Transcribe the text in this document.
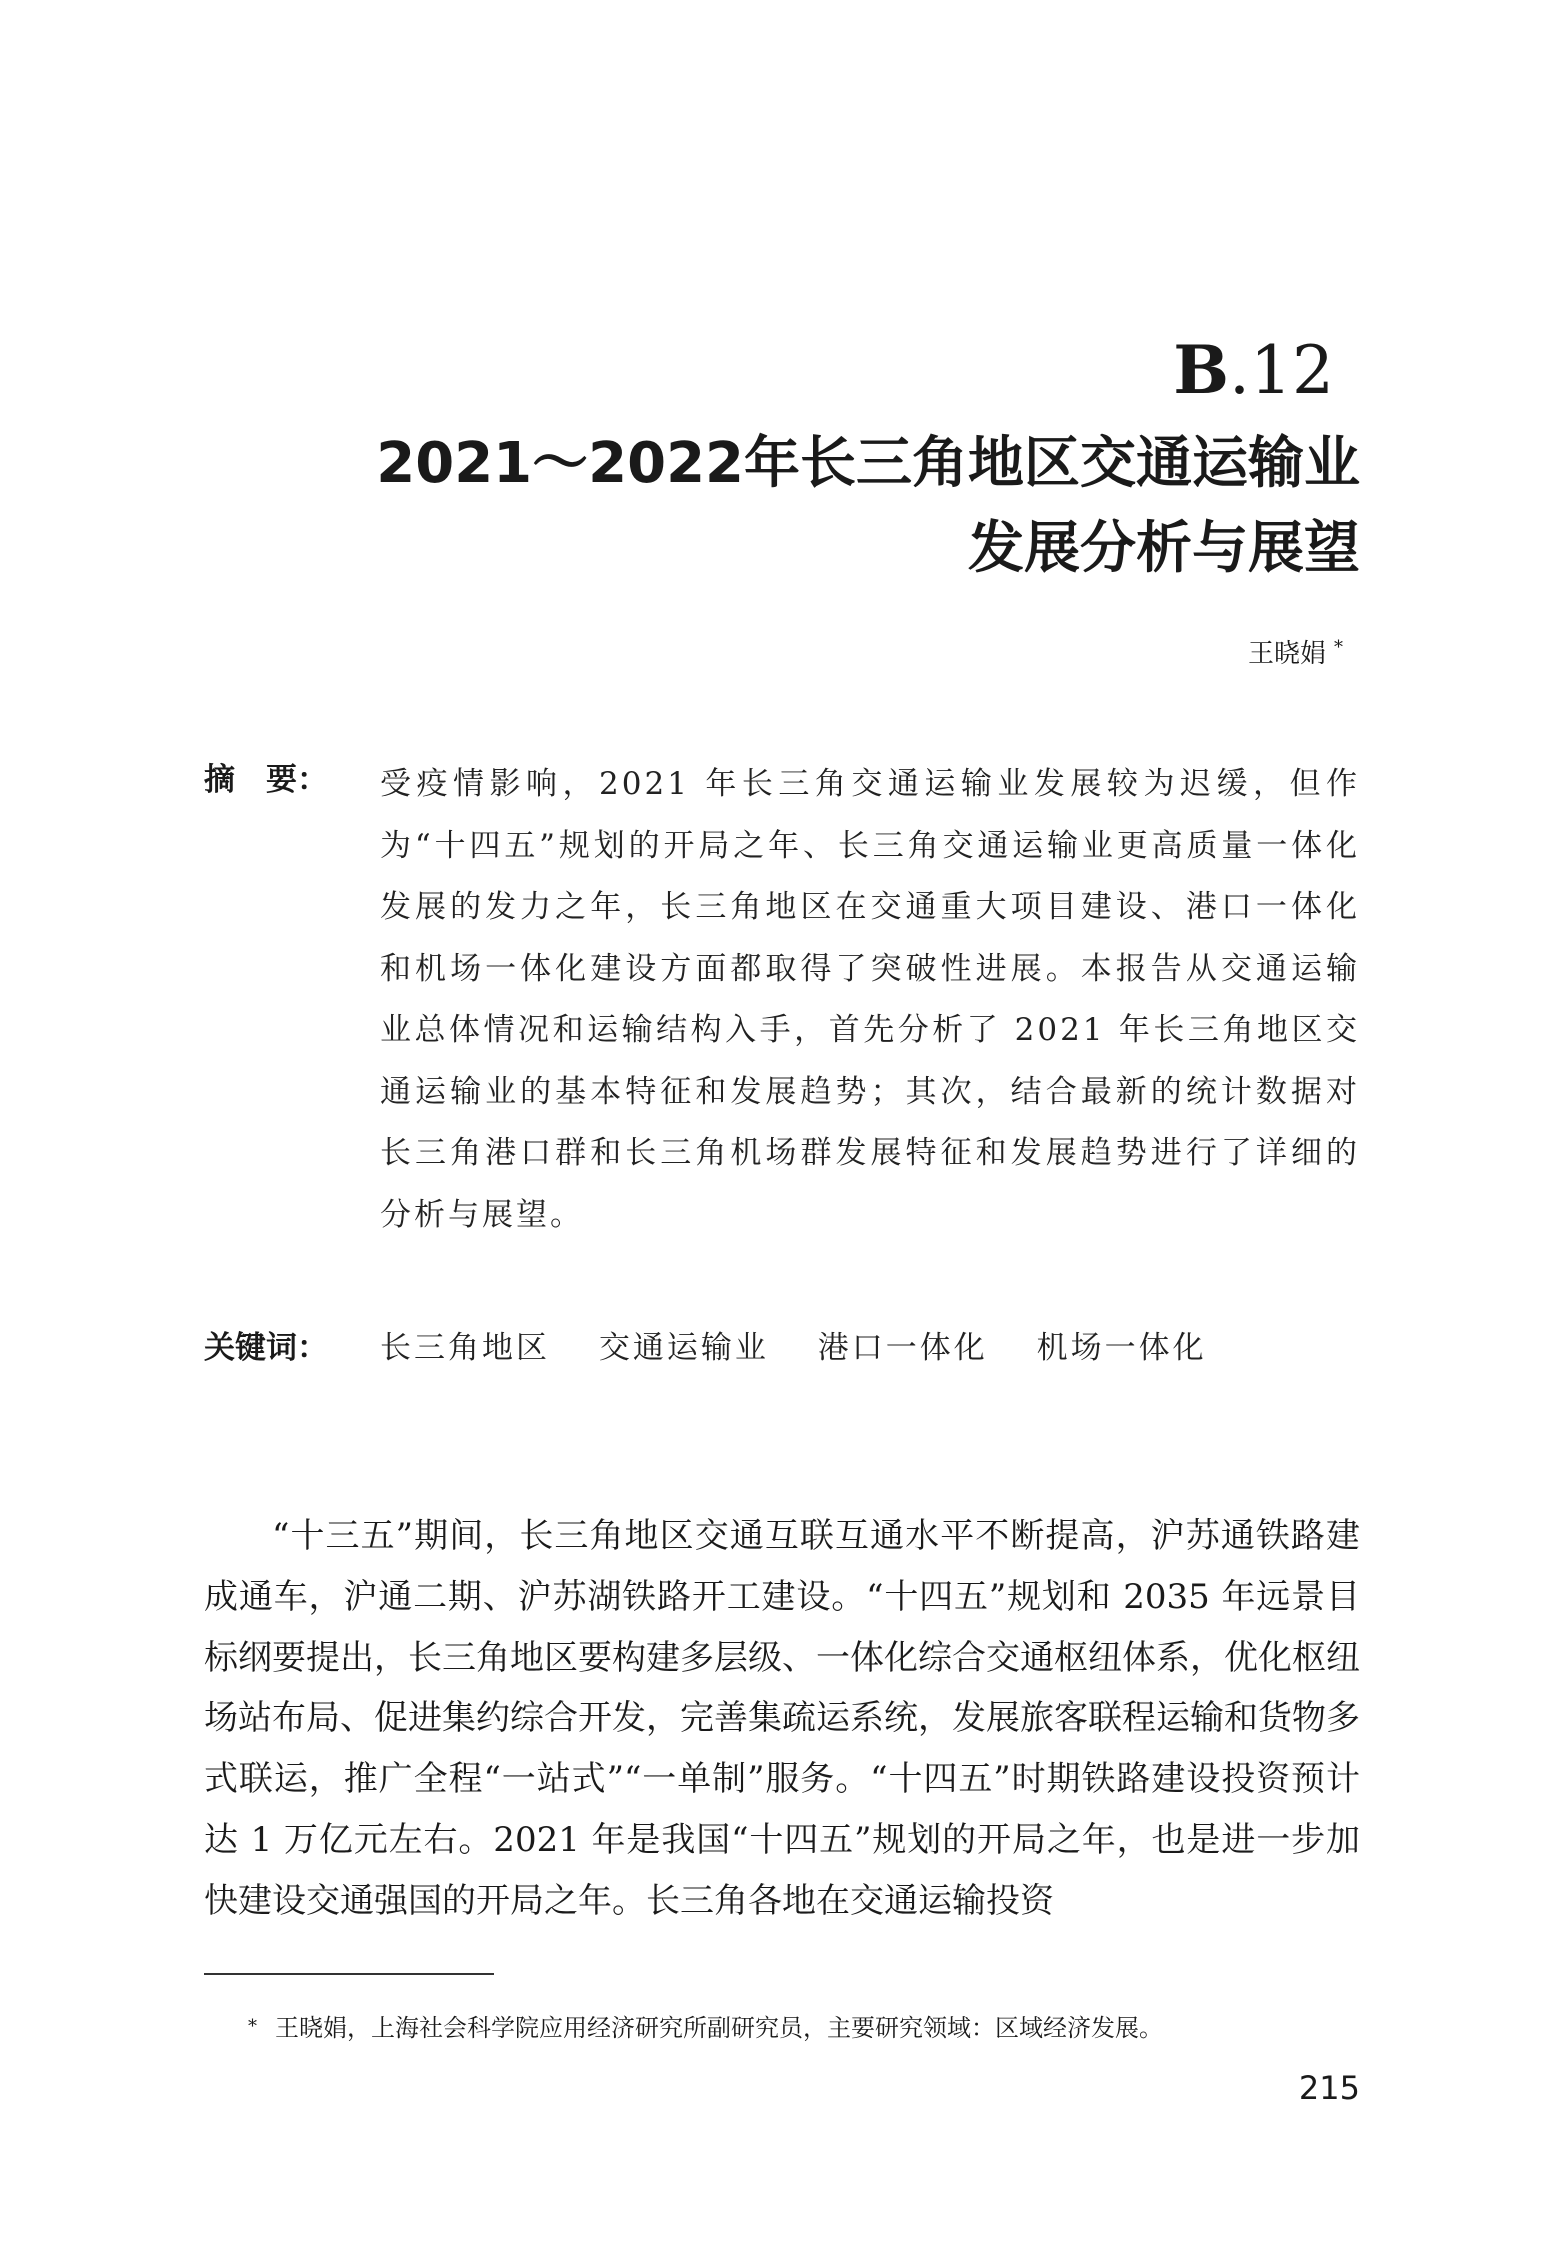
B.12
2021～2022年长三角地区交通运输业
发展分析与展望
王晓娟 *
摘　要： 受疫情影响，2021 年长三角交通运输业发展较为迟缓，但作为“十四五”规划的开局之年、长三角交通运输业更高质量一体化发展的发力之年，长三角地区在交通重大项目建设、港口一体化和机场一体化建设方面都取得了突破性进展。本报告从交通运输业总体情况和运输结构入手，首先分析了 2021 年长三角地区交通运输业的基本特征和发展趋势；其次，结合最新的统计数据对长三角港口群和长三角机场群发展特征和发展趋势进行了详细的分析与展望。
关键词： 长三角地区 交通运输业 港口一体化 机场一体化
“十三五”期间，长三角地区交通互联互通水平不断提高，沪苏通铁路建成通车，沪通二期、沪苏湖铁路开工建设。“十四五”规划和 2035 年远景目标纲要提出，长三角地区要构建多层级、一体化综合交通枢纽体系，优化枢纽场站布局、促进集约综合开发，完善集疏运系统，发展旅客联程运输和货物多式联运，推广全程“一站式”“一单制”服务。“十四五”时期铁路建设投资预计达 1 万亿元左右。2021 年是我国“十四五”规划的开局之年，也是进一步加快建设交通强国的开局之年。长三角各地在交通运输投资
* 王晓娟，上海社会科学院应用经济研究所副研究员，主要研究领域：区域经济发展。
215
